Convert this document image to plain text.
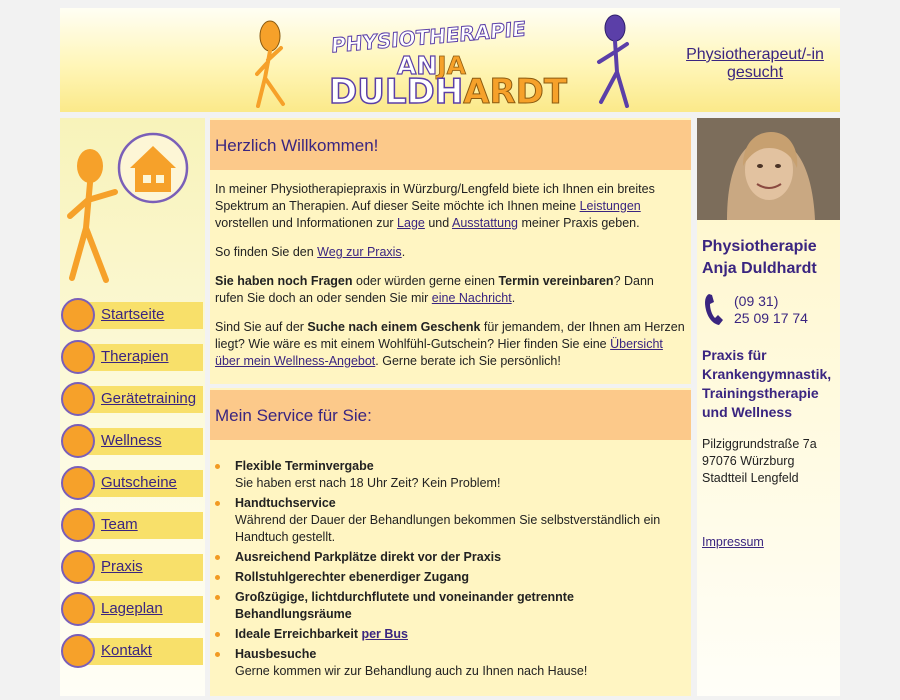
PHYSIOTHERAPIE
ANJA
DULDHARDT
Physiotherapeut/-in gesucht
Startseite
Therapien
Gerätetraining
Wellness
Gutscheine
Team
Praxis
Lageplan
Kontakt
Herzlich Willkommen!

In meiner Physiotherapiepraxis in Würzburg/Lengfeld biete ich Ihnen ein breites Spektrum an Therapien. Auf dieser Seite möchte ich Ihnen meine Leistungen vorstellen und Informationen zur Lage und Ausstattung meiner Praxis geben.

So finden Sie den Weg zur Praxis.

Sie haben noch Fragen oder würden gerne einen Termin vereinbaren? Dann rufen Sie doch an oder senden Sie mir eine Nachricht.

Sind Sie auf der Suche nach einem Geschenk für jemandem, der Ihnen am Herzen liegt? Wie wäre es mit einem Wohlfühl-Gutschein? Hier finden Sie eine Übersicht über mein Wellness-Angebot. Gerne berate ich Sie persönlich!

Mein Service für Sie:
Flexible Terminvergabe
Sie haben erst nach 18 Uhr Zeit? Kein Problem!
Handtuchservice
Während der Dauer der Behandlungen bekommen Sie selbstverständlich ein Handtuch gestellt.
Ausreichend Parkplätze direkt vor der Praxis
Rollstuhlgerechter ebenerdiger Zugang
Großzügige, lichtdurchflutete und voneinander getrennte Behandlungsräume
Ideale Erreichbarkeit per Bus
Hausbesuche
Gerne kommen wir zur Behandlung auch zu Ihnen nach Hause!

Physiotherapie
Anja Duldhardt

(09 31)
25 09 17 74
Praxis für
Krankengymnastik,
Trainingstherapie
und Wellness
Pilziggrundstraße 7a
97076 Würzburg
Stadtteil Lengfeld
Impressum
